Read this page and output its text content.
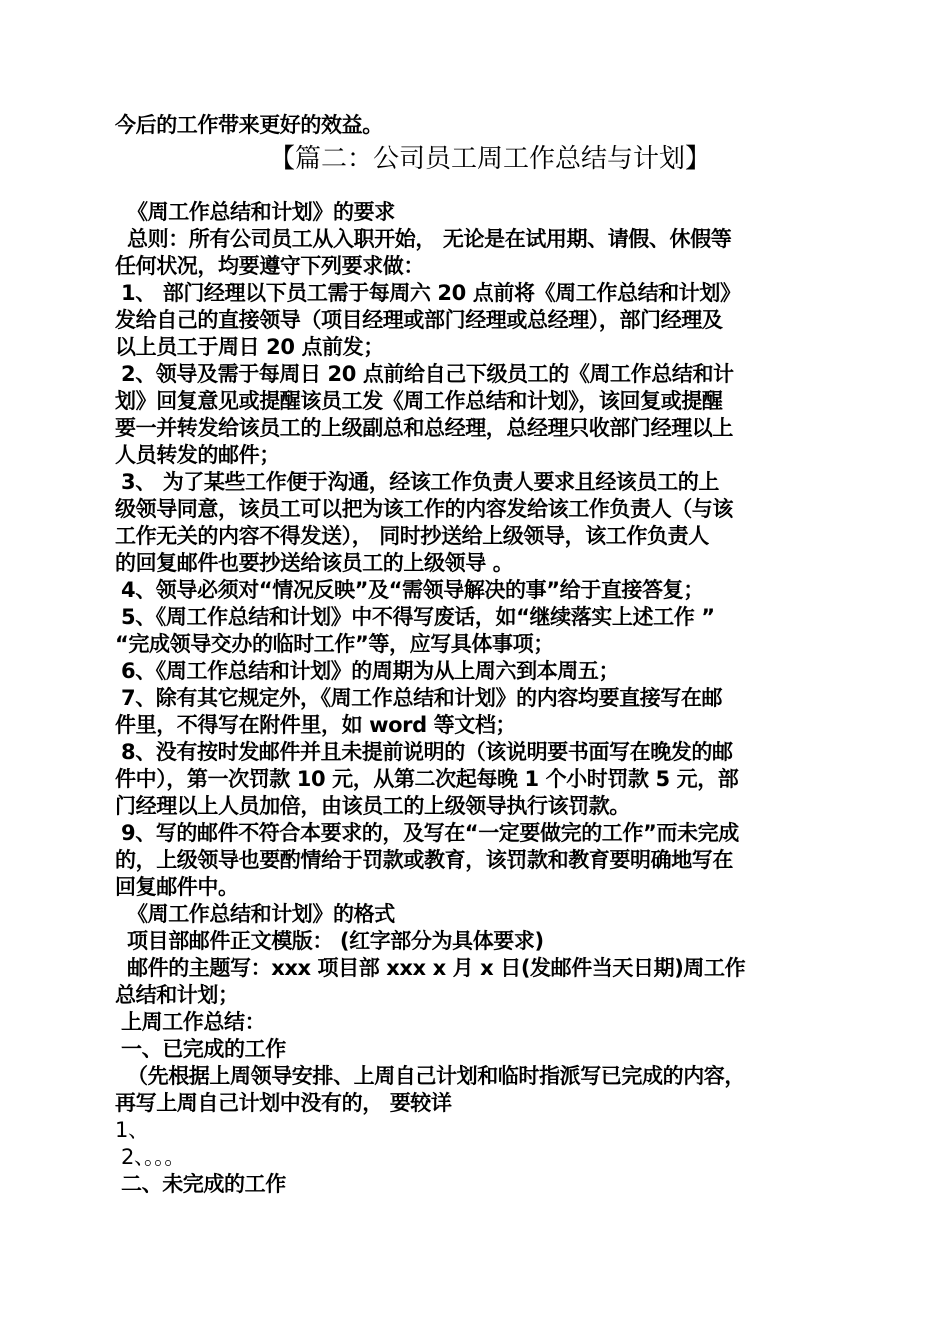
今后的工作带来更好的效益。
【篇二：公司员工周工作总结与计划】
《周工作总结和计划》的要求
总则：所有公司员工从入职开始， 无论是在试用期、请假、休假等
任何状况，均要遵守下列要求做：
1、 部门经理以下员工需于每周六 20 点前将《周工作总结和计划》
发给自己的直接领导（项目经理或部门经理或总经理），部门经理及
以上员工于周日 20 点前发；
2、领导及需于每周日 20 点前给自己下级员工的《周工作总结和计
划》回复意见或提醒该员工发《周工作总结和计划》，该回复或提醒
要一并转发给该员工的上级副总和总经理，总经理只收部门经理以上
人员转发的邮件；
3、 为了某些工作便于沟通，经该工作负责人要求且经该员工的上
级领导同意，该员工可以把为该工作的内容发给该工作负责人（与该
工作无关的内容不得发送）， 同时抄送给上级领导，该工作负责人
的回复邮件也要抄送给该员工的上级领导 。
4、领导必须对“情况反映”及“需领导解决的事”给于直接答复；
5、《周工作总结和计划》中不得写废话，如“继续落实上述工作 ”
“完成领导交办的临时工作”等，应写具体事项；
6、《周工作总结和计划》的周期为从上周六到本周五；
7、除有其它规定外，《周工作总结和计划》的内容均要直接写在邮
件里，不得写在附件里，如 word 等文档；
8、没有按时发邮件并且未提前说明的（该说明要书面写在晚发的邮
件中），第一次罚款 10 元，从第二次起每晚 1 个小时罚款 5 元，部
门经理以上人员加倍，由该员工的上级领导执行该罚款。
9、写的邮件不符合本要求的，及写在“一定要做完的工作”而未完成
的，上级领导也要酌情给于罚款或教育，该罚款和教育要明确地写在
回复邮件中。
《周工作总结和计划》的格式
项目部邮件正文模版： (红字部分为具体要求)
邮件的主题写：xxx 项目部 xxx x 月 x 日(发邮件当天日期)周工作
总结和计划；
上周工作总结：
一、已完成的工作
（先根据上周领导安排、上周自己计划和临时指派写已完成的内容，
再写上周自己计划中没有的， 要较详
1、
2、。。。
二、未完成的工作
